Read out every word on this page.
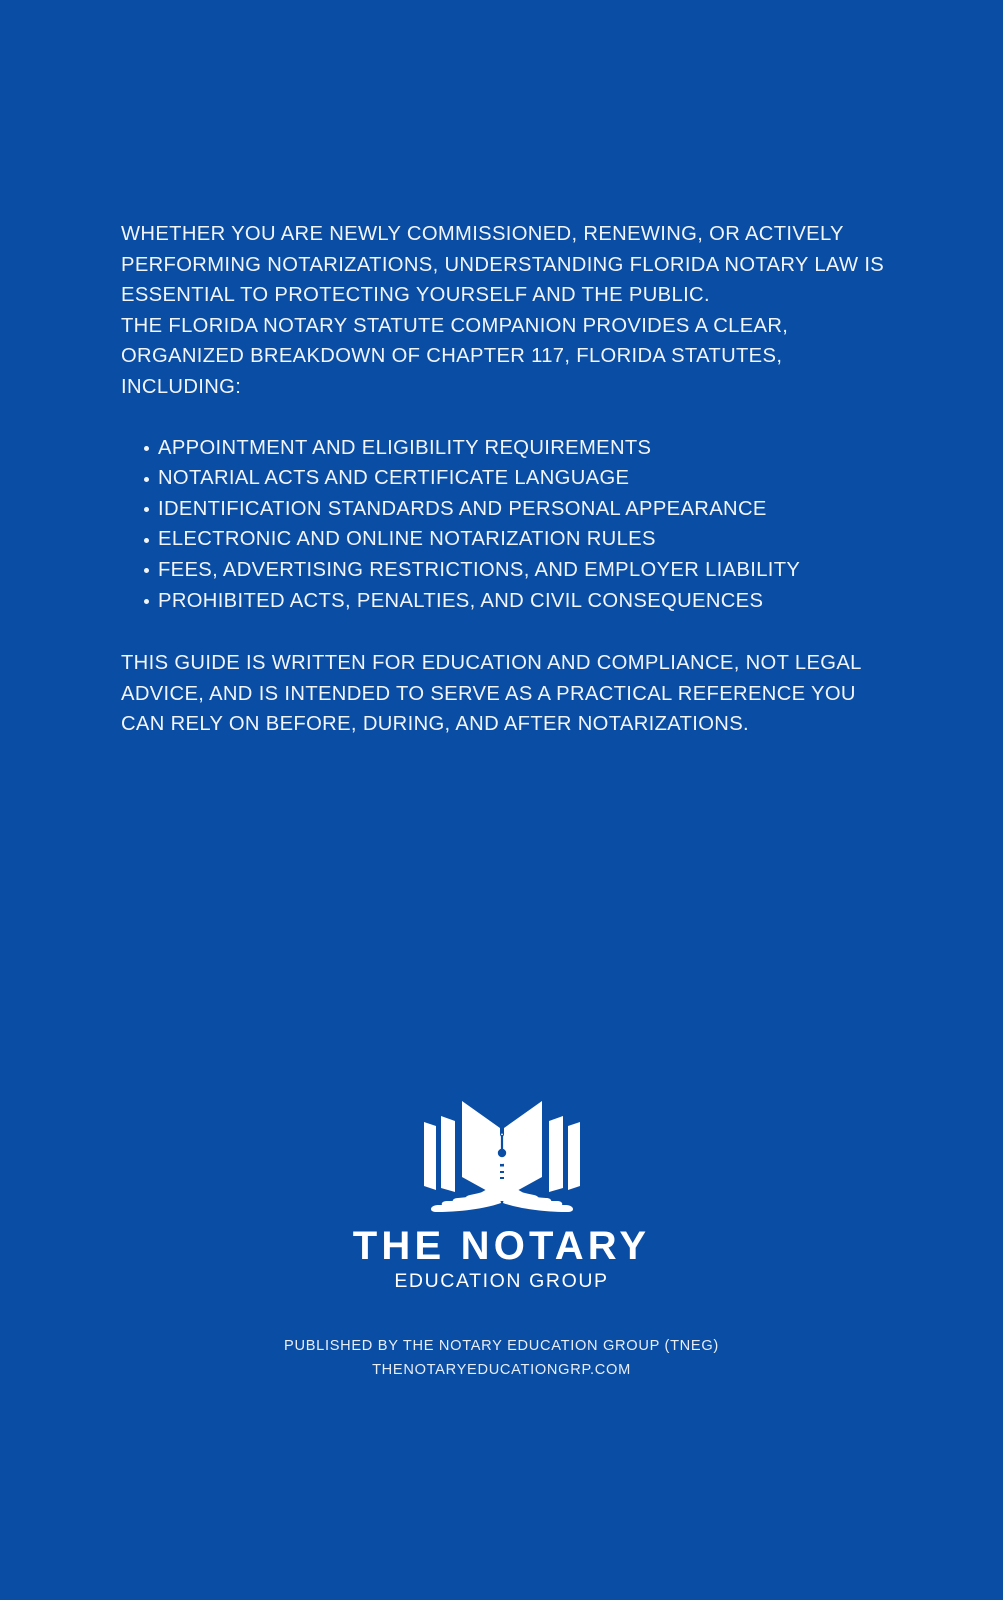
WHETHER YOU ARE NEWLY COMMISSIONED, RENEWING, OR ACTIVELY PERFORMING NOTARIZATIONS, UNDERSTANDING FLORIDA NOTARY LAW IS ESSENTIAL TO PROTECTING YOURSELF AND THE PUBLIC.

THE FLORIDA NOTARY STATUTE COMPANION PROVIDES A CLEAR, ORGANIZED BREAKDOWN OF CHAPTER 117, FLORIDA STATUTES, INCLUDING:

APPOINTMENT AND ELIGIBILITY REQUIREMENTS
NOTARIAL ACTS AND CERTIFICATE LANGUAGE
IDENTIFICATION STANDARDS AND PERSONAL APPEARANCE
ELECTRONIC AND ONLINE NOTARIZATION RULES
FEES, ADVERTISING RESTRICTIONS, AND EMPLOYER LIABILITY
PROHIBITED ACTS, PENALTIES, AND CIVIL CONSEQUENCES

THIS GUIDE IS WRITTEN FOR EDUCATION AND COMPLIANCE, NOT LEGAL ADVICE, AND IS INTENDED TO SERVE AS A PRACTICAL REFERENCE YOU CAN RELY ON BEFORE, DURING, AND AFTER NOTARIZATIONS.

THE NOTARY
EDUCATION GROUP
PUBLISHED BY THE NOTARY EDUCATION GROUP (TNEG)
THENOTARYEDUCATIONGRP.COM
